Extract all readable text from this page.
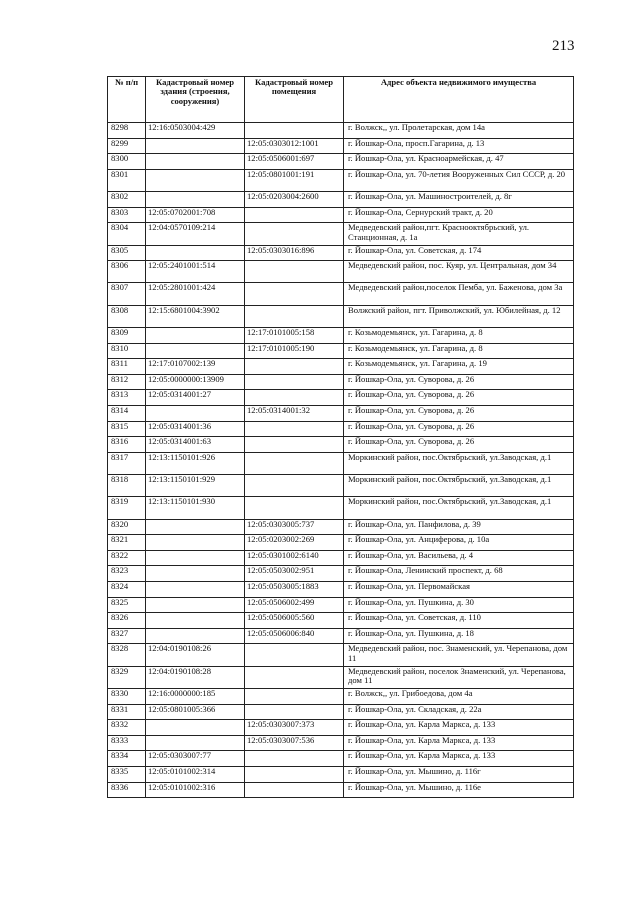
213
№ п/п	Кадастровый номер здания (строения, сооружения)	Кадастровый номер помещения	Адрес объекта недвижимого имущества
8298	12:16:0503004:429		г. Волжск,, ул. Пролетарская, дом 14а
8299		12:05:0303012:1001	г. Йошкар-Ола, просп.Гагарина, д. 13
8300		12:05:0506001:697	г. Йошкар-Ола, ул. Красноармейская, д. 47
8301		12:05:0801001:191	г. Йошкар-Ола, ул. 70-летия Вооруженных Сил СССР, д. 20
8302		12:05:0203004:2600	г. Йошкар-Ола, ул. Машиностроителей, д. 8г
8303	12:05:0702001:708		г. Йошкар-Ола, Сернурский тракт, д. 20
8304	12:04:0570109:214		Медведевский район,пгт. Краснооктябрьский, ул. Станционная, д. 1а
8305		12:05:0303016:896	г. Йошкар-Ола, ул. Советская, д. 174
8306	12:05:2401001:514		Медведевский район, пос. Куяр, ул. Центральная, дом 34
8307	12:05:2801001:424		Медведевский район,поселок Пемба, ул. Баженова, дом 3а
8308	12:15:6801004:3902		Волжский район, пгт. Приволжский, ул. Юбилейная, д. 12
8309		12:17:0101005:158	г. Козьмодемьянск, ул. Гагарина, д. 8
8310		12:17:0101005:190	г. Козьмодемьянск, ул. Гагарина, д. 8
8311	12:17:0107002:139		г. Козьмодемьянск, ул. Гагарина, д. 19
8312	12:05:0000000:13909		г. Йошкар-Ола, ул. Суворова, д. 26
8313	12:05:0314001:27		г. Йошкар-Ола, ул. Суворова, д. 26
8314		12:05:0314001:32	г. Йошкар-Ола, ул. Суворова, д. 26
8315	12:05:0314001:36		г. Йошкар-Ола, ул. Суворова, д. 26
8316	12:05:0314001:63		г. Йошкар-Ола, ул. Суворова, д. 26
8317	12:13:1150101:926		Моркинский район, пос.Октябрьский, ул.Заводская, д.1
8318	12:13:1150101:929		Моркинский район, пос.Октябрьский, ул.Заводская, д.1
8319	12:13:1150101:930		Моркинский район, пос.Октябрьский, ул.Заводская, д.1
8320		12:05:0303005:737	г. Йошкар-Ола, ул. Панфилова, д. 39
8321		12:05:0203002:269	г. Йошкар-Ола, ул. Анциферова, д. 10а
8322		12:05:0301002:6140	г. Йошкар-Ола, ул. Васильева, д. 4
8323		12:05:0503002:951	г. Йошкар-Ола, Ленинский проспект, д. 68
8324		12:05:0503005:1883	г. Йошкар-Ола, ул. Первомайская
8325		12:05:0506002:499	г. Йошкар-Ола, ул. Пушкина, д. 30
8326		12:05:0506005:560	г. Йошкар-Ола, ул. Советская, д. 110
8327		12:05:0506006:840	г. Йошкар-Ола, ул. Пушкина, д. 18
8328	12:04:0190108:26		Медведевский район, пос. Знаменский, ул. Черепанова, дом 11
8329	12:04:0190108:28		Медведевский район, поселок Знаменский, ул. Черепанова, дом 11
8330	12:16:0000000:185		г. Волжск,, ул. Грибоедова, дом 4а
8331	12:05:0801005:366		г. Йошкар-Ола, ул. Складская, д. 22а
8332		12:05:0303007:373	г. Йошкар-Ола, ул. Карла Маркса, д. 133
8333		12:05:0303007:536	г. Йошкар-Ола, ул. Карла Маркса, д. 133
8334	12:05:0303007:77		г. Йошкар-Ола, ул. Карла Маркса, д. 133
8335	12:05:0101002:314		г. Йошкар-Ола, ул. Мышино, д. 116г
8336	12:05:0101002:316		г. Йошкар-Ола, ул. Мышино, д. 116е
